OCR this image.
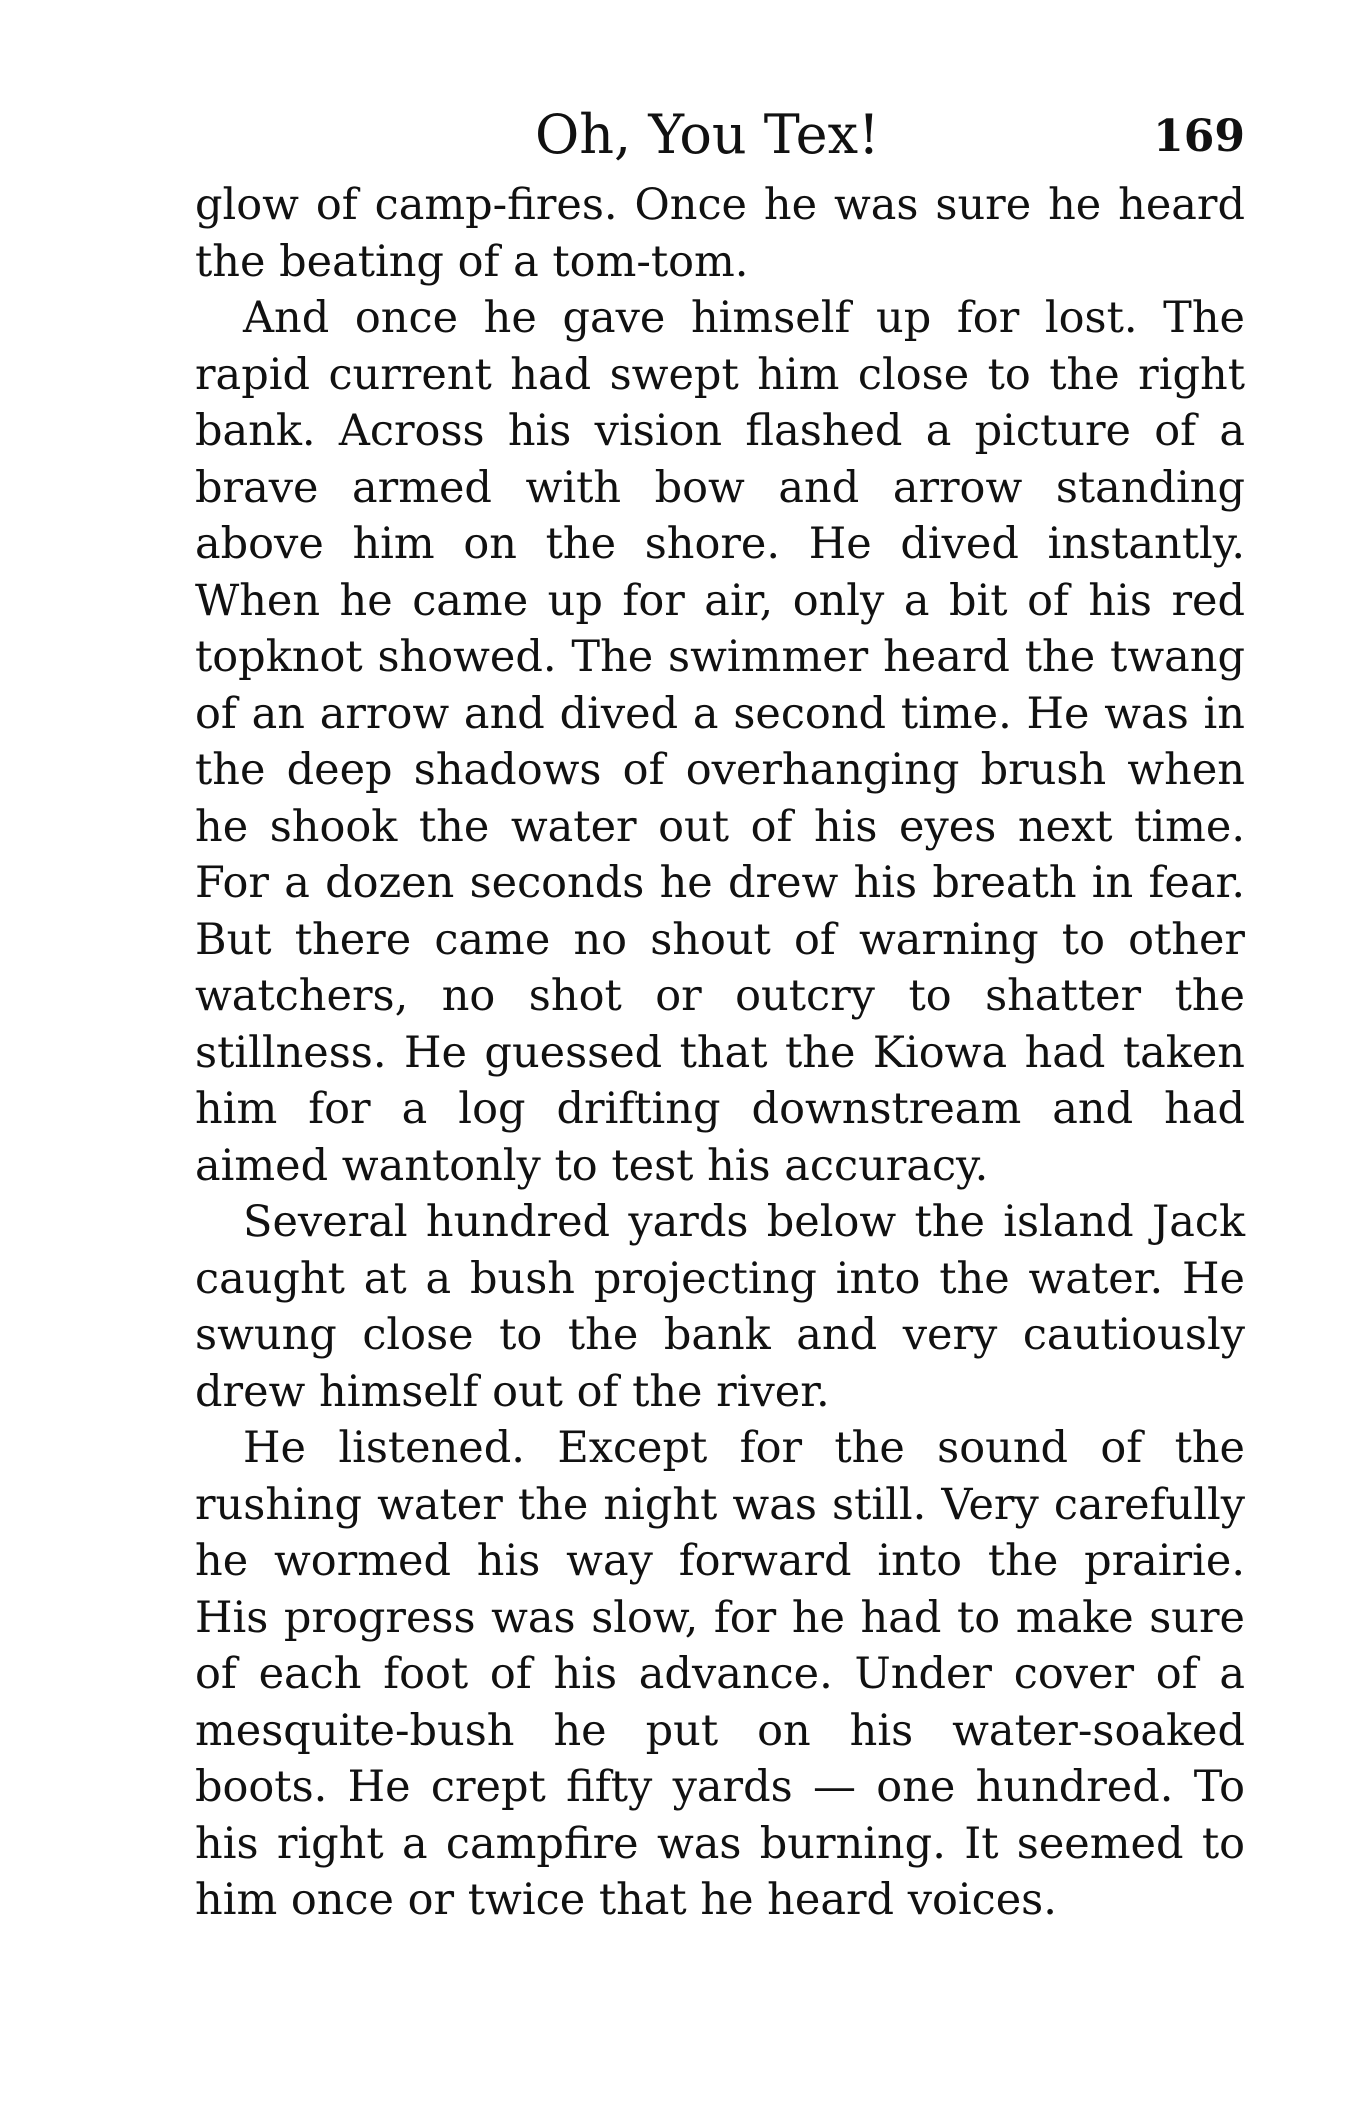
Oh, You Tex!	169

glow of camp-fires. Once he was sure he heard the beating of a tom-tom.

And once he gave himself up for lost. The rapid current had swept him close to the right bank. Across his vision flashed a picture of a brave armed with bow and arrow standing above him on the shore. He dived instantly. When he came up for air, only a bit of his red topknot showed. The swimmer heard the twang of an arrow and dived a second time. He was in the deep shadows of overhanging brush when he shook the water out of his eyes next time. For a dozen seconds he drew his breath in fear. But there came no shout of warning to other watchers, no shot or outcry to shatter the stillness. He guessed that the Kiowa had taken him for a log drifting downstream and had aimed wantonly to test his accuracy.

Several hundred yards below the island Jack caught at a bush projecting into the water. He swung close to the bank and very cautiously drew himself out of the river.

He listened. Except for the sound of the rushing water the night was still. Very carefully he wormed his way forward into the prairie. His progress was slow, for he had to make sure of each foot of his advance. Under cover of a mesquite-bush he put on his water-soaked boots. He crept fifty yards — one hundred. To his right a campfire was burning. It seemed to him once or twice that he heard voices.
